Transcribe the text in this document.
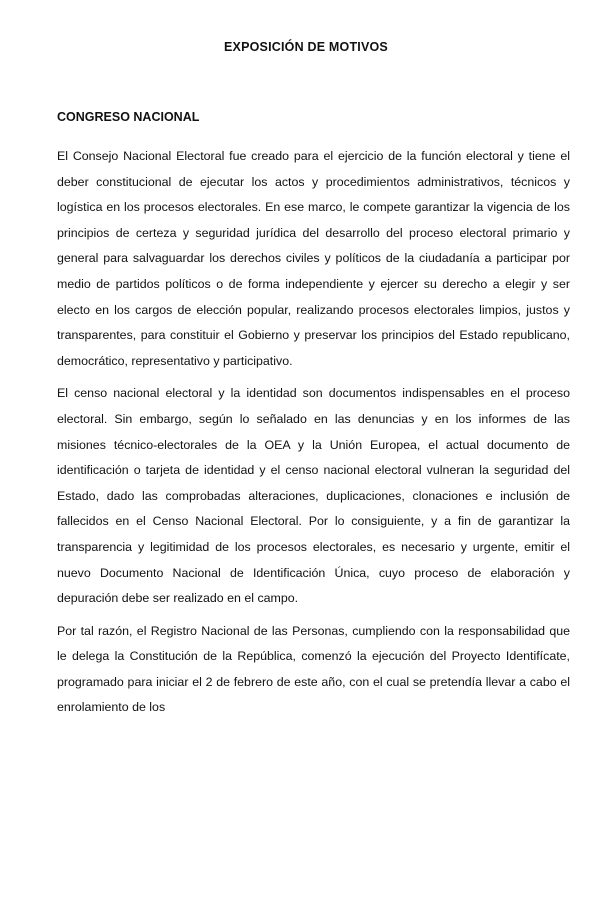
EXPOSICIÓN DE MOTIVOS
CONGRESO NACIONAL

El Consejo Nacional Electoral fue creado para el ejercicio de la función electoral y tiene el deber constitucional de ejecutar los actos y procedimientos administrativos, técnicos y logística en los procesos electorales. En ese marco, le compete garantizar la vigencia de los principios de certeza y seguridad jurídica del desarrollo del proceso electoral primario y general para salvaguardar los derechos civiles y políticos de la ciudadanía a participar por medio de partidos políticos o de forma independiente y ejercer su derecho a elegir y ser electo en los cargos de elección popular, realizando procesos electorales limpios, justos y transparentes, para constituir el Gobierno y preservar los principios del Estado republicano, democrático, representativo y participativo.

El censo nacional electoral y la identidad son documentos indispensables en el proceso electoral. Sin embargo, según lo señalado en las denuncias y en los informes de las misiones técnico-electorales de la OEA y la Unión Europea, el actual documento de identificación o tarjeta de identidad y el censo nacional electoral vulneran la seguridad del Estado, dado las comprobadas alteraciones, duplicaciones, clonaciones e inclusión de fallecidos en el Censo Nacional Electoral. Por lo consiguiente, y a fin de garantizar la transparencia y legitimidad de los procesos electorales, es necesario y urgente, emitir el nuevo Documento Nacional de Identificación Única, cuyo proceso de elaboración y depuración debe ser realizado en el campo.

Por tal razón, el Registro Nacional de las Personas, cumpliendo con la responsabilidad que le delega la Constitución de la República, comenzó la ejecución del Proyecto Identifícate, programado para iniciar el 2 de febrero de este año, con el cual se pretendía llevar a cabo el enrolamiento de los
